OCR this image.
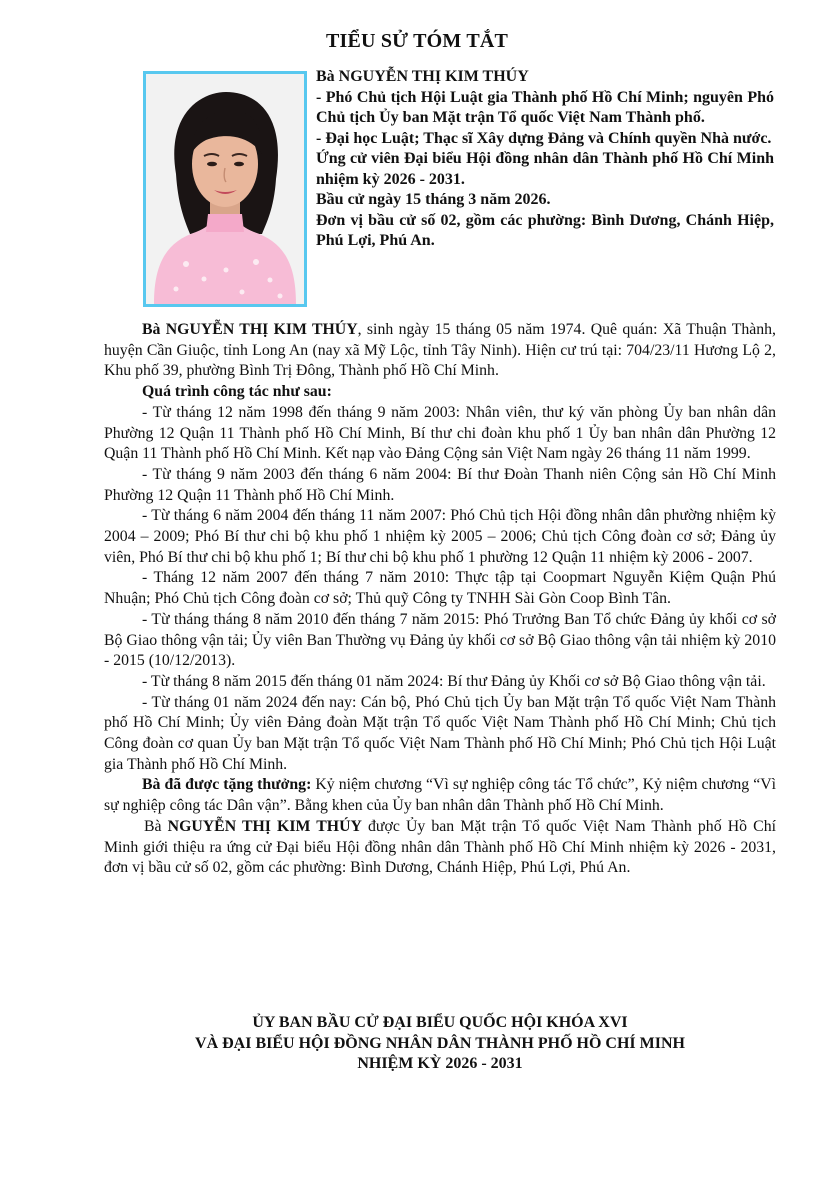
TIỂU SỬ TÓM TẮT

Bà NGUYỄN THỊ KIM THÚY

- Phó Chủ tịch Hội Luật gia Thành phố Hồ Chí Minh; nguyên Phó Chủ tịch Ủy ban Mặt trận Tổ quốc Việt Nam Thành phố.

- Đại học Luật; Thạc sĩ Xây dựng Đảng và Chính quyền Nhà nước.

Ứng cử viên Đại biểu Hội đồng nhân dân Thành phố Hồ Chí Minh nhiệm kỳ 2026 - 2031.

Bầu cử ngày 15 tháng 3 năm 2026.

Đơn vị bầu cử số 02, gồm các phường: Bình Dương, Chánh Hiệp, Phú Lợi, Phú An.

Bà NGUYỄN THỊ KIM THÚY, sinh ngày 15 tháng 05 năm 1974. Quê quán: Xã Thuận Thành, huyện Cần Giuộc, tỉnh Long An (nay xã Mỹ Lộc, tỉnh Tây Ninh). Hiện cư trú tại: 704/23/11 Hương Lộ 2, Khu phố 39, phường Bình Trị Đông, Thành phố Hồ Chí Minh.

Quá trình công tác như sau:

- Từ tháng 12 năm 1998 đến tháng 9 năm 2003: Nhân viên, thư ký văn phòng Ủy ban nhân dân Phường 12 Quận 11 Thành phố Hồ Chí Minh, Bí thư chi đoàn khu phố 1 Ủy ban nhân dân Phường 12 Quận 11 Thành phố Hồ Chí Minh. Kết nạp vào Đảng Cộng sản Việt Nam ngày 26 tháng 11 năm 1999.

- Từ tháng 9 năm 2003 đến tháng 6 năm 2004: Bí thư Đoàn Thanh niên Cộng sản Hồ Chí Minh Phường 12 Quận 11 Thành phố Hồ Chí Minh.

- Từ tháng 6 năm 2004 đến tháng 11 năm 2007: Phó Chủ tịch Hội đồng nhân dân phường nhiệm kỳ 2004 – 2009; Phó Bí thư chi bộ khu phố 1 nhiệm kỳ 2005 – 2006; Chủ tịch Công đoàn cơ sở; Đảng ủy viên, Phó Bí thư chi bộ khu phố 1; Bí thư chi bộ khu phố 1 phường 12 Quận 11 nhiệm kỳ 2006 - 2007.

- Tháng 12 năm 2007 đến tháng 7 năm 2010: Thực tập tại Coopmart Nguyễn Kiệm Quận Phú Nhuận; Phó Chủ tịch Công đoàn cơ sở; Thủ quỹ Công ty TNHH Sài Gòn Coop Bình Tân.

- Từ tháng tháng 8 năm 2010 đến tháng 7 năm 2015: Phó Trưởng Ban Tổ chức Đảng ủy khối cơ sở Bộ Giao thông vận tải; Ủy viên Ban Thường vụ Đảng ủy khối cơ sở Bộ Giao thông vận tải nhiệm kỳ 2010 - 2015 (10/12/2013).

- Từ tháng 8 năm 2015 đến tháng 01 năm 2024: Bí thư Đảng ủy Khối cơ sở Bộ Giao thông vận tải.

- Từ tháng 01 năm 2024 đến nay: Cán bộ, Phó Chủ tịch Ủy ban Mặt trận Tổ quốc Việt Nam Thành phố Hồ Chí Minh; Ủy viên Đảng đoàn Mặt trận Tổ quốc Việt Nam Thành phố Hồ Chí Minh; Chủ tịch Công đoàn cơ quan Ủy ban Mặt trận Tổ quốc Việt Nam Thành phố Hồ Chí Minh; Phó Chủ tịch Hội Luật gia Thành phố Hồ Chí Minh.

Bà đã được tặng thưởng: Kỷ niệm chương “Vì sự nghiệp công tác Tổ chức”, Kỷ niệm chương “Vì sự nghiệp công tác Dân vận”. Bằng khen của Ủy ban nhân dân Thành phố Hồ Chí Minh.

Bà NGUYỄN THỊ KIM THÚY được Ủy ban Mặt trận Tổ quốc Việt Nam Thành phố Hồ Chí Minh giới thiệu ra ứng cử Đại biểu Hội đồng nhân dân Thành phố Hồ Chí Minh nhiệm kỳ 2026 - 2031, đơn vị bầu cử số 02, gồm các phường: Bình Dương, Chánh Hiệp, Phú Lợi, Phú An.

ỦY BAN BẦU CỬ ĐẠI BIỂU QUỐC HỘI KHÓA XVI

VÀ ĐẠI BIỂU HỘI ĐỒNG NHÂN DÂN THÀNH PHỐ HỒ CHÍ MINH

NHIỆM KỲ 2026 - 2031
